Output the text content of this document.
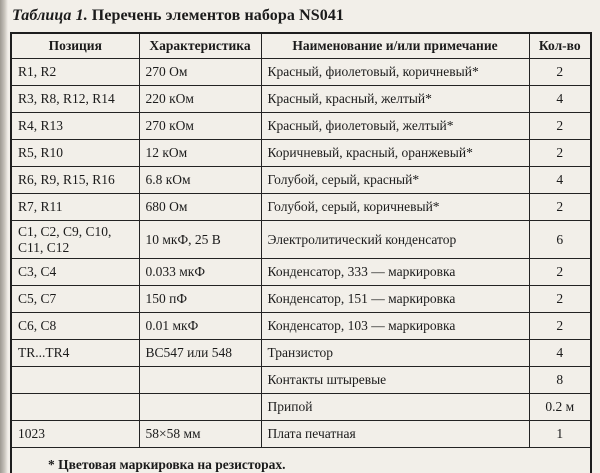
Таблица 1. Перечень элементов набора NS041
Позиция	Характеристика	Наименование и/или примечание	Кол-во
R1, R2	270 Ом	Красный, фиолетовый, коричневый*	2
R3, R8, R12, R14	220 кОм	Красный, красный, желтый*	4
R4, R13	270 кОм	Красный, фиолетовый, желтый*	2
R5, R10	12 кОм	Коричневый, красный, оранжевый*	2
R6, R9, R15, R16	6.8 кОм	Голубой, серый, красный*	4
R7, R11	680 Ом	Голубой, серый, коричневый*	2
C1, C2, C9, C10, C11, C12	10 мкФ, 25 В	Электролитический конденсатор	6
C3, C4	0.033 мкФ	Конденсатор, 333 — маркировка	2
C5, C7	150 пФ	Конденсатор, 151 — маркировка	2
C6, C8	0.01 мкФ	Конденсатор, 103 — маркировка	2
TR...TR4	BC547 или 548	Транзистор	4
		Контакты штыревые	8
		Припой	0.2 м
1023	58×58 мм	Плата печатная	1
* Цветовая маркировка на резисторах.			
